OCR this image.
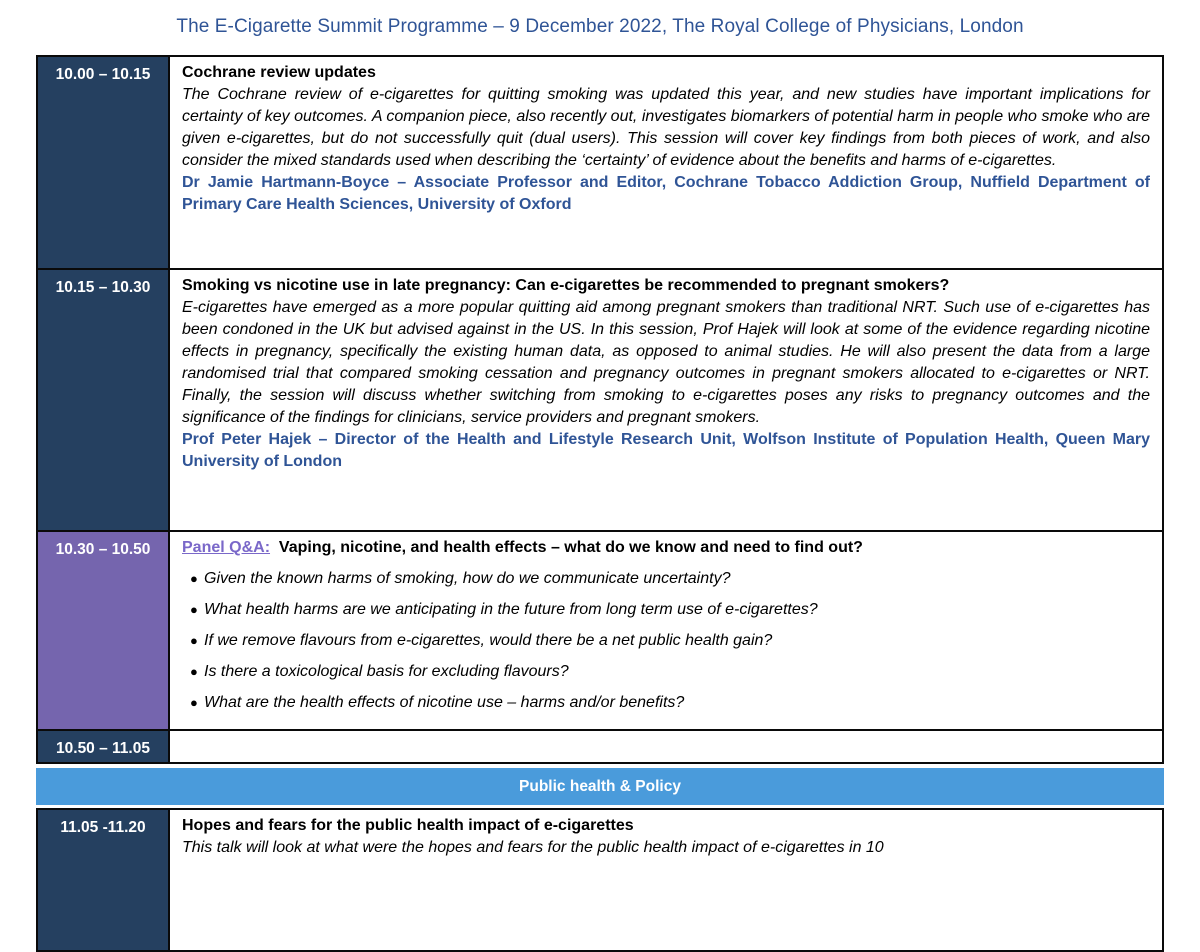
The E-Cigarette Summit Programme – 9 December 2022, The Royal College of Physicians, London
10.00 – 10.15	Cochrane review updates
The Cochrane review of e-cigarettes for quitting smoking was updated this year, and new studies have important implications for certainty of key outcomes. A companion piece, also recently out, investigates biomarkers of potential harm in people who smoke who are given e-cigarettes, but do not successfully quit (dual users). This session will cover key findings from both pieces of work, and also consider the mixed standards used when describing the ‘certainty’ of evidence about the benefits and harms of e-cigarettes.
Dr Jamie Hartmann-Boyce – Associate Professor and Editor, Cochrane Tobacco Addiction Group, Nuffield Department of Primary Care Health Sciences, University of Oxford
10.15 – 10.30	Smoking vs nicotine use in late pregnancy: Can e-cigarettes be recommended to pregnant smokers?
E-cigarettes have emerged as a more popular quitting aid among pregnant smokers than traditional NRT. Such use of e-cigarettes has been condoned in the UK but advised against in the US. In this session, Prof Hajek will look at some of the evidence regarding nicotine effects in pregnancy, specifically the existing human data, as opposed to animal studies. He will also present the data from a large randomised trial that compared smoking cessation and pregnancy outcomes in pregnant smokers allocated to e-cigarettes or NRT. Finally, the session will discuss whether switching from smoking to e-cigarettes poses any risks to pregnancy outcomes and the significance of the findings for clinicians, service providers and pregnant smokers.
Prof Peter Hajek – Director of the Health and Lifestyle Research Unit, Wolfson Institute of Population Health, Queen Mary University of London
10.30 – 10.50	Panel Q&A: Vaping, nicotine, and health effects – what do we know and need to find out?
● Given the known harms of smoking, how do we communicate uncertainty?
● What health harms are we anticipating in the future from long term use of e-cigarettes?
● If we remove flavours from e-cigarettes, would there be a net public health gain?
● Is there a toxicological basis for excluding flavours?
● What are the health effects of nicotine use – harms and/or benefits?
10.50 – 11.05	MORNING REFRESHMENT BREAK
Public health & Policy
11.05 -11.20	Hopes and fears for the public health impact of e-cigarettes
This talk will look at what were the hopes and fears for the public health impact of e-cigarettes in 10
